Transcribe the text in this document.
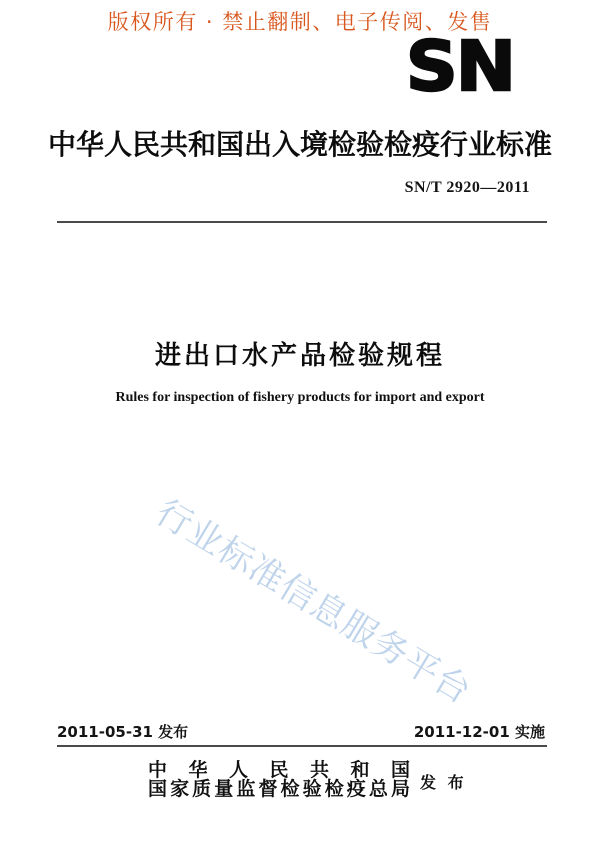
版权所有 · 禁止翻制、电子传阅、发售
SN
中华人民共和国出入境检验检疫行业标准
SN/T 2920—2011
进出口水产品检验规程
Rules for inspection of fishery products for import and export
行业标准信息服务平台
2011-05-31 发布	2011-12-01 实施
中 华 人 民 共 和 国
国家质量监督检验检疫总局 发 布
